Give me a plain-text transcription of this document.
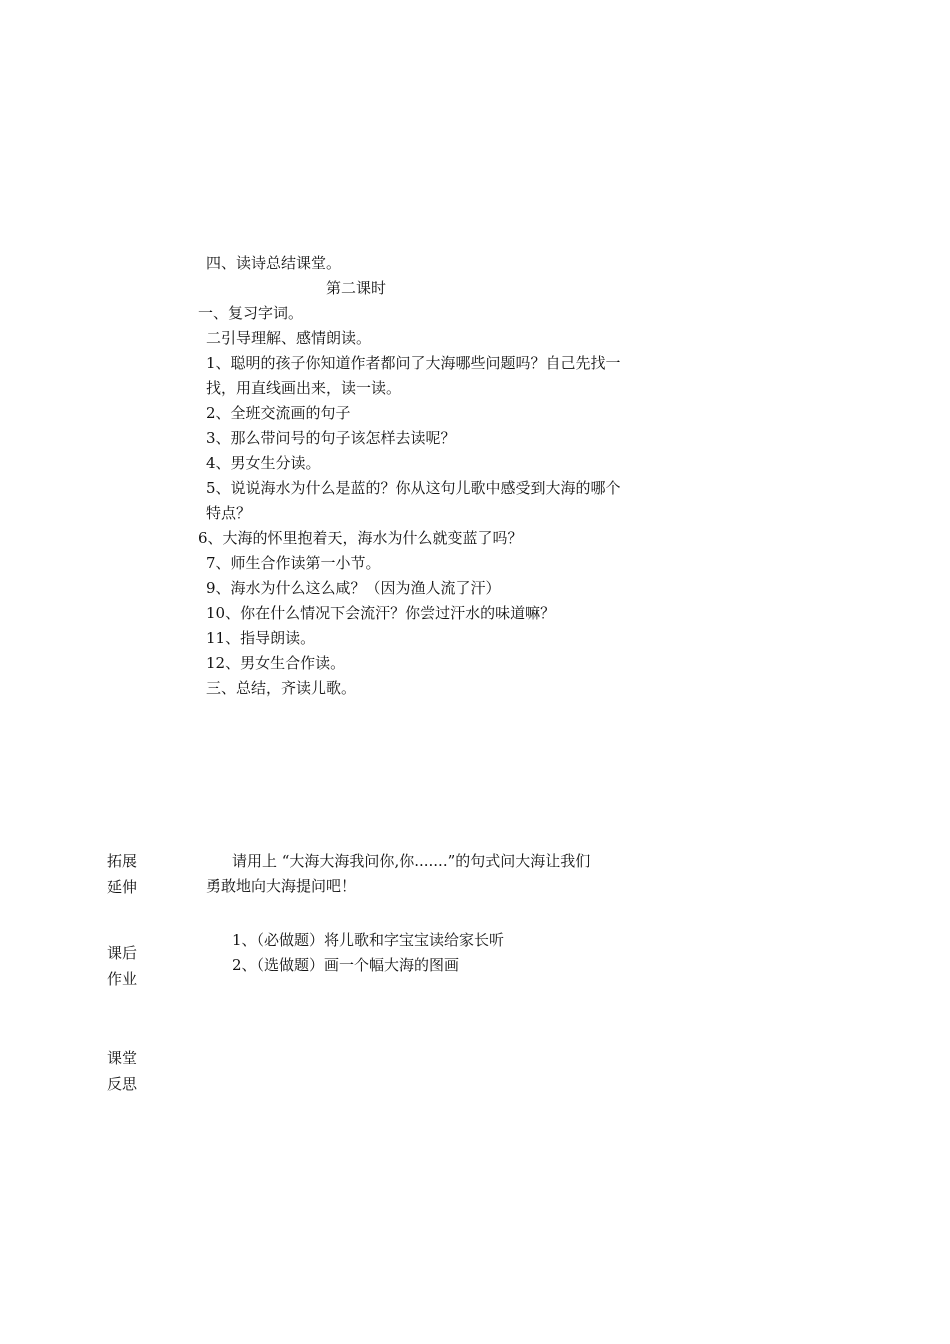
四、读诗总结课堂。
第二课时
一、复习字词。
二引导理解、感情朗读。
1、聪明的孩子你知道作者都问了大海哪些问题吗？自己先找一
找，用直线画出来，读一读。
2、全班交流画的句子
3、那么带问号的句子该怎样去读呢？
4、男女生分读。
5、说说海水为什么是蓝的？你从这句儿歌中感受到大海的哪个
特点？
6、大海的怀里抱着天，海水为什么就变蓝了吗？
7、师生合作读第一小节。
9、海水为什么这么咸？（因为渔人流了汗）
10、你在什么情况下会流汗？你尝过汗水的味道嘛？
11、指导朗读。
12、男女生合作读。
三、总结，齐读儿歌。
拓展
延伸
请用上 “大海大海我问你,你.......”的句式问大海让我们
勇敢地向大海提问吧！
课后
作业
1、（必做题）将儿歌和字宝宝读给家长听
2、（选做题）画一个幅大海的图画
课堂
反思
